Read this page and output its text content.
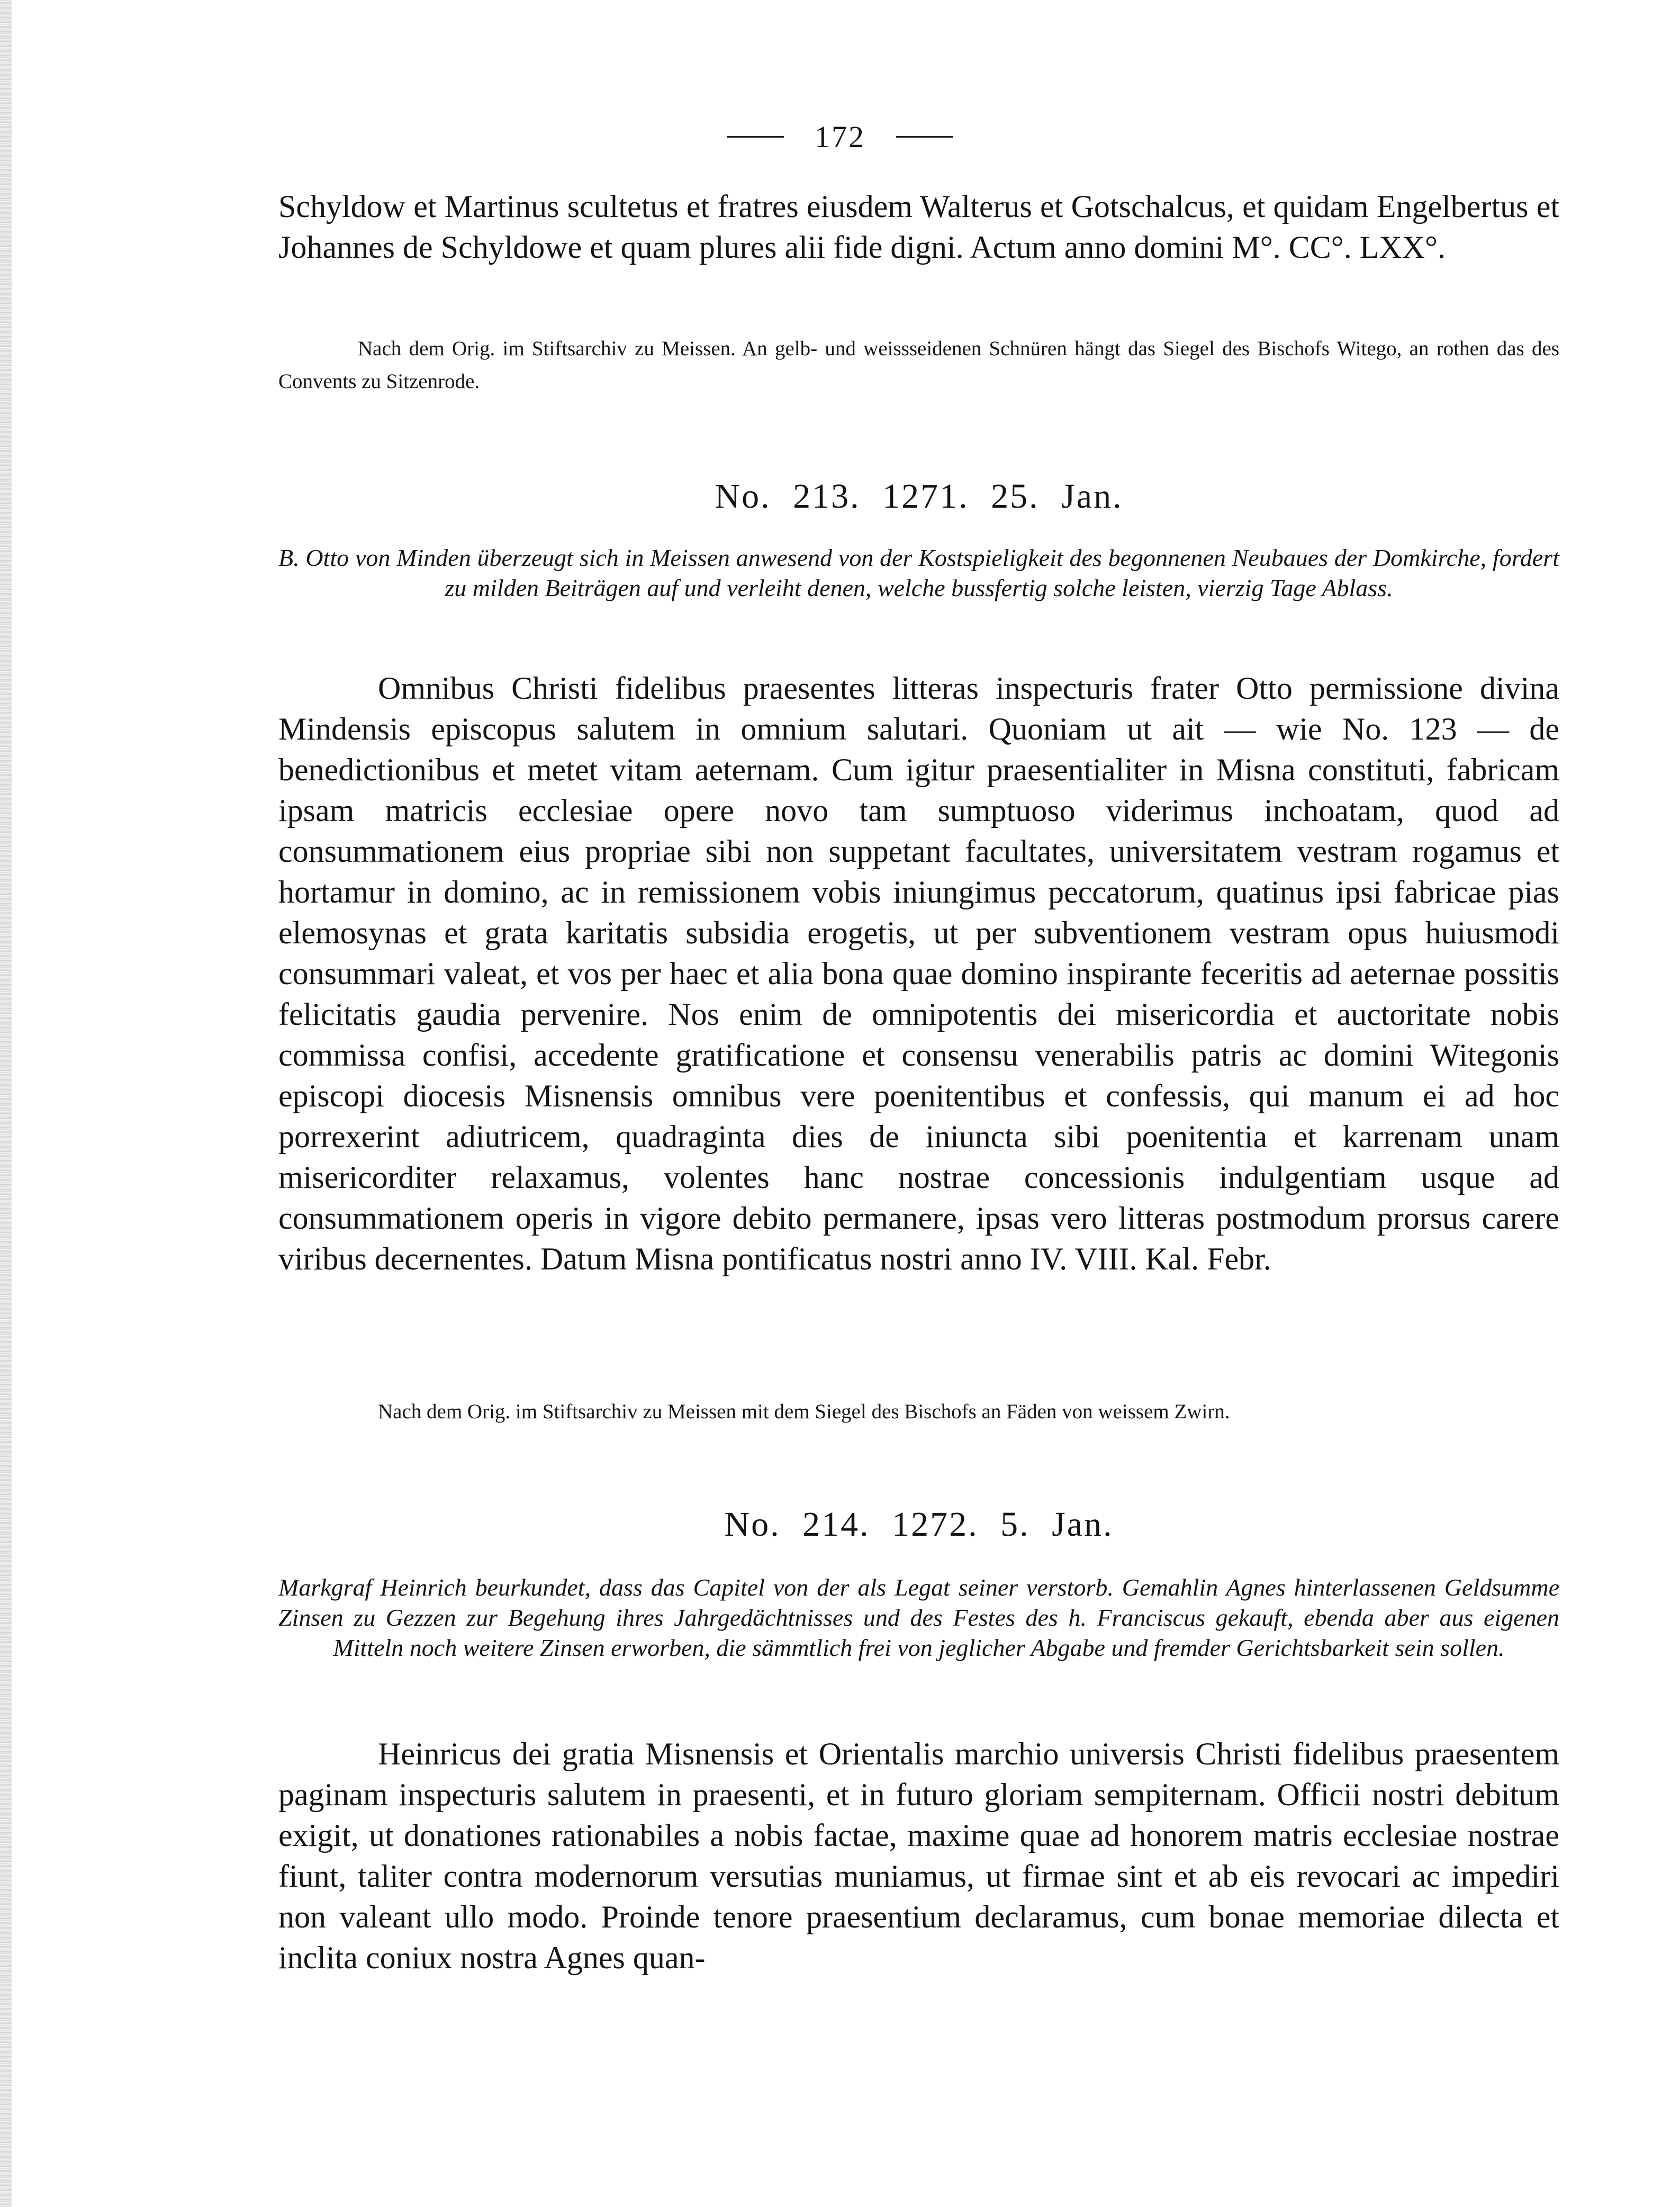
172

Schyldow et Martinus scultetus et fratres eiusdem Walterus et Gotschalcus, et quidam Engelbertus et Johannes de Schyldowe et quam plures alii fide digni. Actum anno domini M°. CC°. LXX°.

Nach dem Orig. im Stiftsarchiv zu Meissen. An gelb- und weissseidenen Schnüren hängt das Siegel des Bischofs Witego, an rothen das des Convents zu Sitzenrode.

No. 213. 1271. 25. Jan.

B. Otto von Minden überzeugt sich in Meissen anwesend von der Kostspieligkeit des begonnenen Neubaues der Domkirche, fordert zu milden Beiträgen auf und verleiht denen, welche bussfertig solche leisten, vierzig Tage Ablass.

Omnibus Christi fidelibus praesentes litteras inspecturis frater Otto permissione divina Mindensis episcopus salutem in omnium salutari. Quoniam ut ait — wie No. 123 — de benedictionibus et metet vitam aeternam. Cum igitur praesentialiter in Misna constituti, fabricam ipsam matricis ecclesiae opere novo tam sumptuoso viderimus inchoatam, quod ad consummationem eius propriae sibi non suppetant facultates, universitatem vestram rogamus et hortamur in domino, ac in remissionem vobis iniungimus peccatorum, quatinus ipsi fabricae pias elemosynas et grata karitatis subsidia erogetis, ut per subventionem vestram opus huiusmodi consummari valeat, et vos per haec et alia bona quae domino inspirante feceritis ad aeternae possitis felicitatis gaudia pervenire. Nos enim de omnipotentis dei misericordia et auctoritate nobis commissa confisi, accedente gratificatione et consensu venerabilis patris ac domini Witegonis episcopi diocesis Misnensis omnibus vere poenitentibus et confessis, qui manum ei ad hoc porrexerint adiutricem, quadraginta dies de iniuncta sibi poenitentia et karrenam unam misericorditer relaxamus, volentes hanc nostrae concessionis indulgentiam usque ad consummationem operis in vigore debito permanere, ipsas vero litteras postmodum prorsus carere viribus decernentes. Datum Misna pontificatus nostri anno IV. VIII. Kal. Febr.

Nach dem Orig. im Stiftsarchiv zu Meissen mit dem Siegel des Bischofs an Fäden von weissem Zwirn.

No. 214. 1272. 5. Jan.

Markgraf Heinrich beurkundet, dass das Capitel von der als Legat seiner verstorb. Gemahlin Agnes hinterlassenen Geldsumme Zinsen zu Gezzen zur Begehung ihres Jahrgedächtnisses und des Festes des h. Franciscus gekauft, ebenda aber aus eigenen Mitteln noch weitere Zinsen erworben, die sämmtlich frei von jeglicher Abgabe und fremder Gerichtsbarkeit sein sollen.

Heinricus dei gratia Misnensis et Orientalis marchio universis Christi fidelibus praesentem paginam inspecturis salutem in praesenti, et in futuro gloriam sempiternam. Officii nostri debitum exigit, ut donationes rationabiles a nobis factae, maxime quae ad honorem matris ecclesiae nostrae fiunt, taliter contra modernorum versutias muniamus, ut firmae sint et ab eis revocari ac impediri non valeant ullo modo. Proinde tenore praesentium declaramus, cum bonae memoriae dilecta et inclita coniux nostra Agnes quan-
